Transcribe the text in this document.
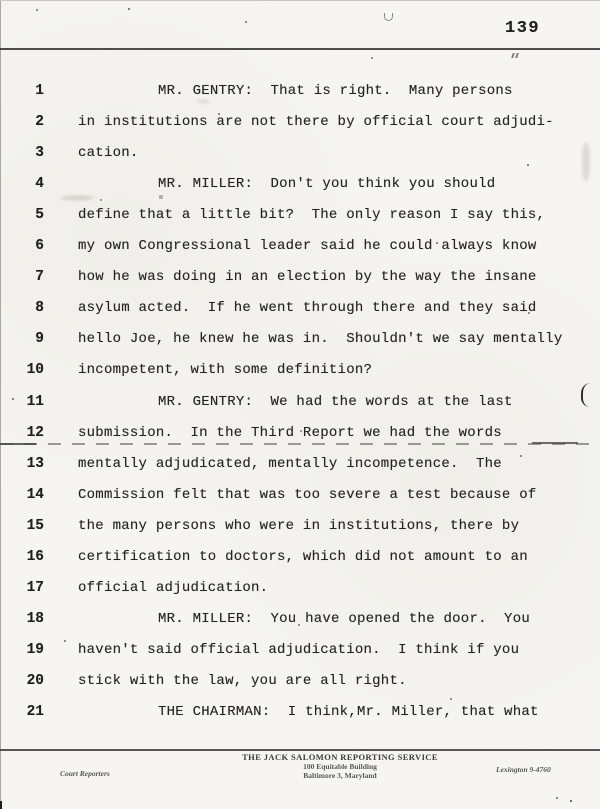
139
1	MR. GENTRY:  That is right.  Many persons
2 in institutions are not there by official court adjudi-
3 cation.
4	MR. MILLER:  Don't you think you should
5 define that a little bit?  The only reason I say this,
6 my own Congressional leader said he could always know
7 how he was doing in an election by the way the insane
8 asylum acted.  If he went through there and they said
9 hello Joe, he knew he was in.  Shouldn't we say mentally
10 incompetent, with some definition?
11	MR. GENTRY:  We had the words at the last
12 submission.  In the Third Report we had the words
13 mentally adjudicated, mentally incompetence.  The
14 Commission felt that was too severe a test because of
15 the many persons who were in institutions, there by
16 certification to doctors, which did not amount to an
17 official adjudication.
18	MR. MILLER:  You have opened the door.  You
19 haven't said official adjudication.  I think if you
20 stick with the law, you are all right.
21	THE CHAIRMAN:  I think,Mr. Miller, that what
THE JACK SALOMON REPORTING SERVICE
100 Equitable Building
Baltimore 3, Maryland
Court Reporters	Lexington 9-4760
